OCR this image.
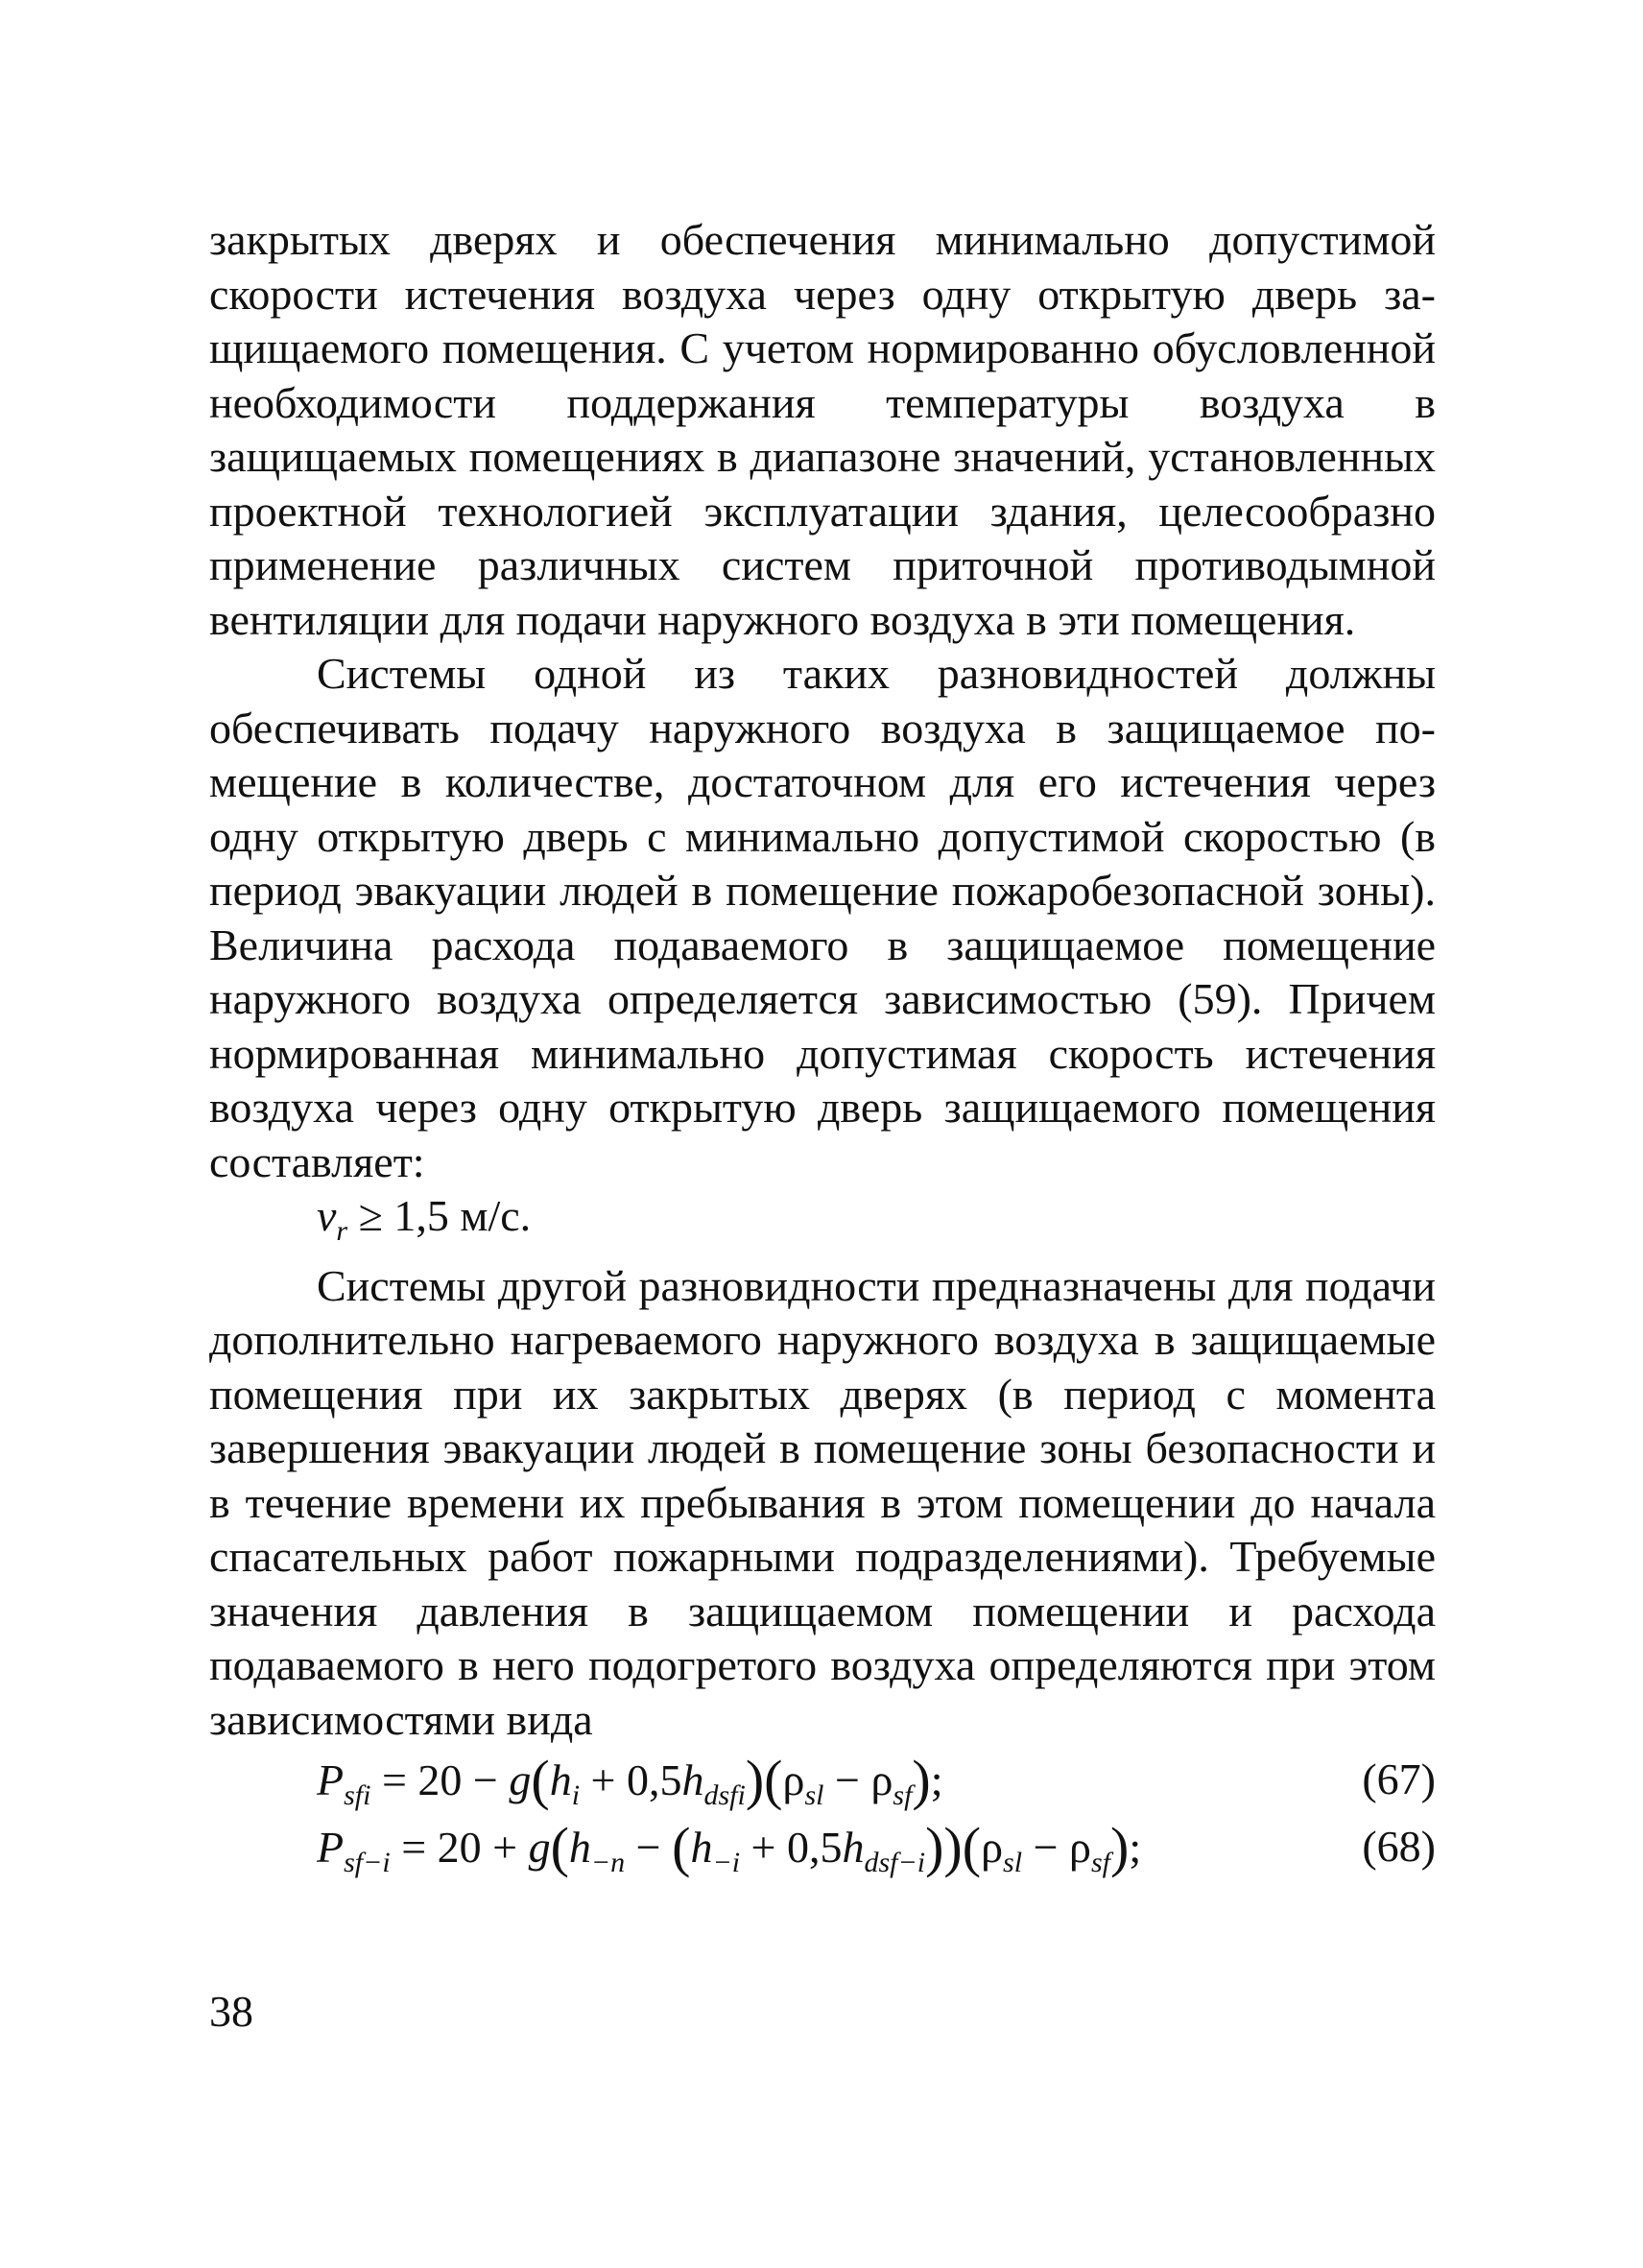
закрытых дверях и обеспечения минимально допустимой скорости истечения воздуха через одну открытую дверь защищаемого помещения. С учетом нормированно обусловленной необходимости поддержания температуры воздуха в защищаемых помещениях в диапазоне значений, установленных проектной технологией эксплуатации здания, целесообразно применение различных систем приточной противодымной вентиляции для подачи наружного воздуха в эти помещения.

Системы одной из таких разновидностей должны обеспечивать подачу наружного воздуха в защищаемое помещение в количестве, достаточном для его истечения через одну открытую дверь с минимально допустимой скоростью (в период эвакуации людей в помещение пожаробезопасной зоны). Величина расхода подаваемого в защищаемое помещение наружного воздуха определяется зависимостью (59). Причем нормированная минимально допустимая скорость истечения воздуха через одну открытую дверь защищаемого помещения составляет:

$v_r \ge 1,5$ м/с.

Системы другой разновидности предназначены для подачи дополнительно нагреваемого наружного воздуха в защищаемые помещения при их закрытых дверях (в период с момента завершения эвакуации людей в помещение зоны безопасности и в течение времени их пребывания в этом помещении до начала спасательных работ пожарными подразделениями). Требуемые значения давления в защищаемом помещении и расхода подаваемого в него подогретого воздуха определяются при этом зависимостями вида

$P_{sfi} = 20 - g(h_i + 0,5h_{dsfi})(\rho_{sl} - \rho_{sf})$;	(67)
$P_{sf-i} = 20 + g(h_{-n} - (h_{-i} + 0,5h_{dsf-i}))(\rho_{sl} - \rho_{sf})$;	(68)
38
